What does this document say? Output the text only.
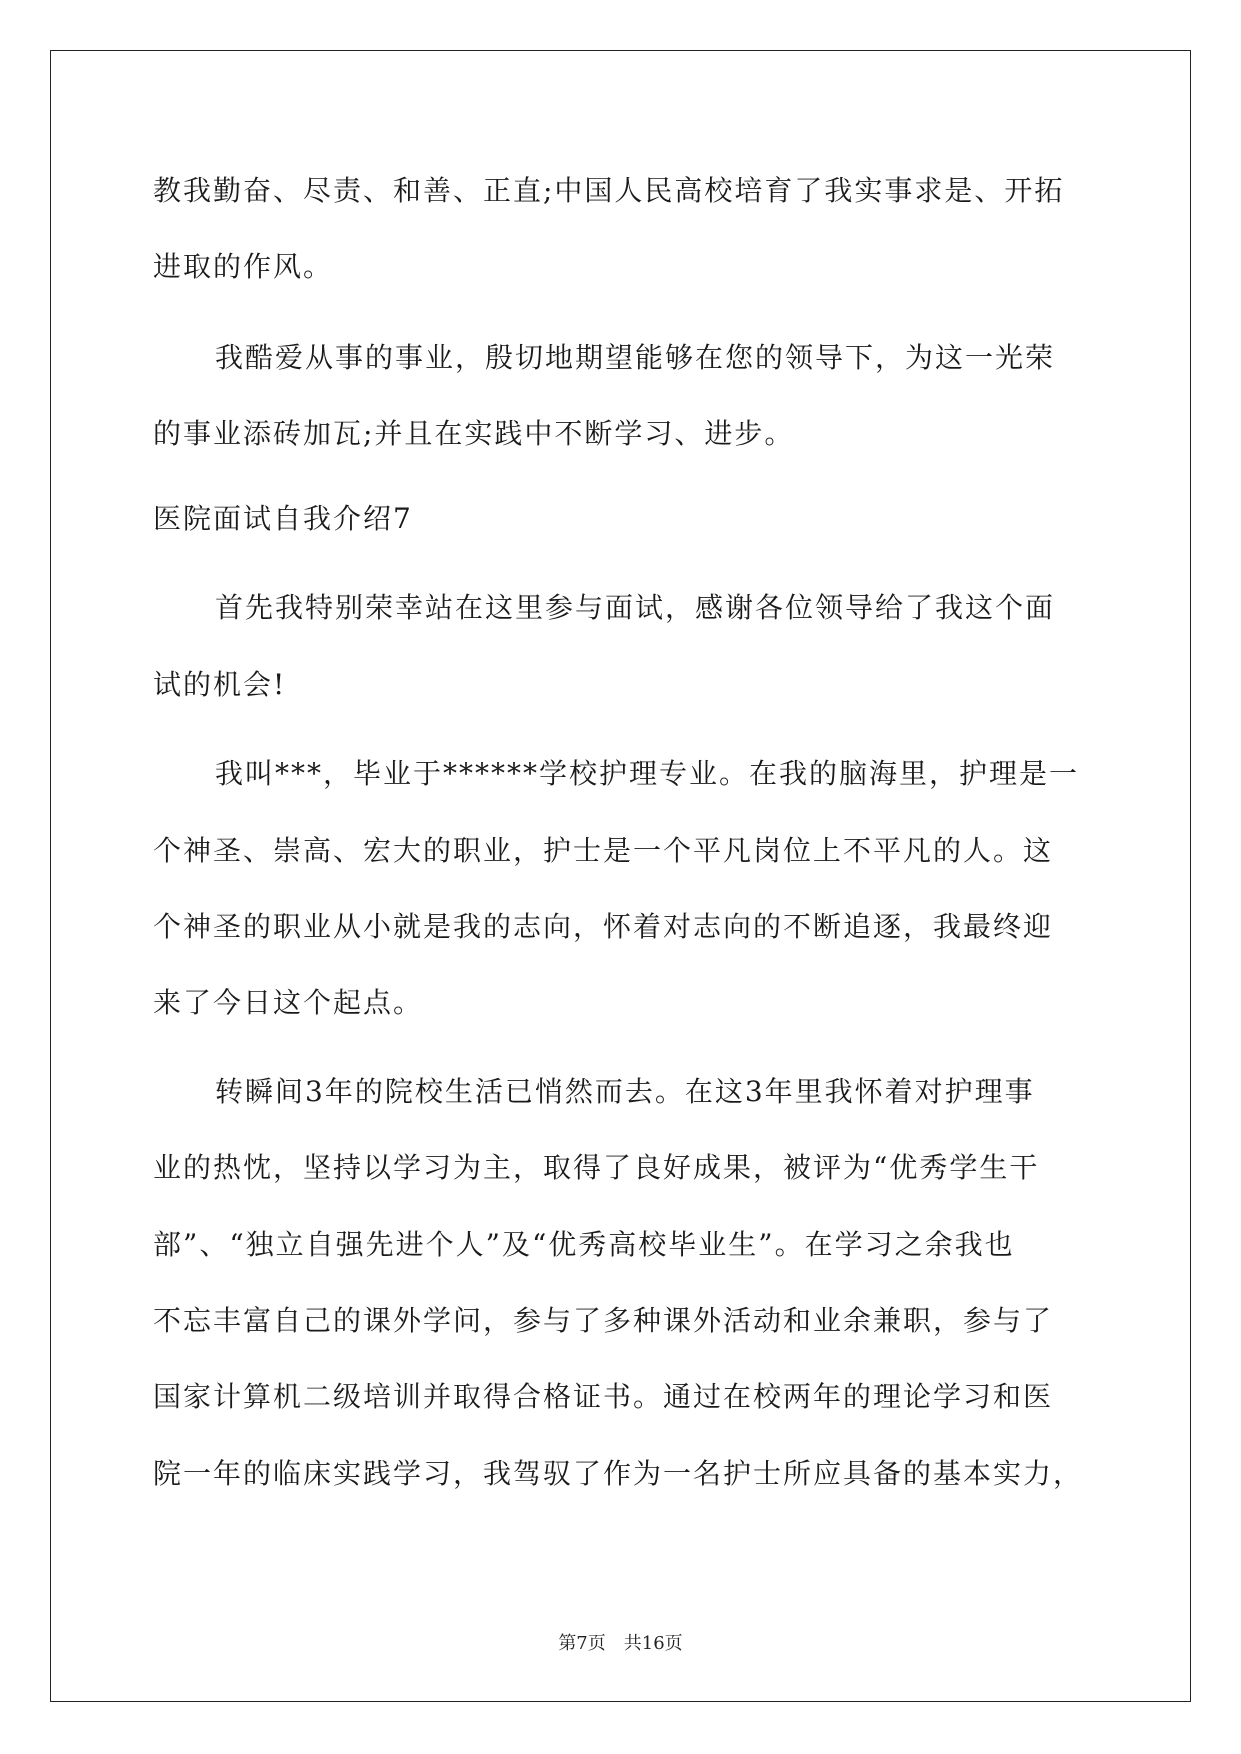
教我勤奋、尽责、和善、正直;中国人民高校培育了我实事求是、开拓
进取的作风。
我酷爱从事的事业，殷切地期望能够在您的领导下，为这一光荣
的事业添砖加瓦;并且在实践中不断学习、进步。
医院面试自我介绍7
首先我特别荣幸站在这里参与面试，感谢各位领导给了我这个面
试的机会!
我叫***，毕业于******学校护理专业。在我的脑海里，护理是一
个神圣、崇高、宏大的职业，护士是一个平凡岗位上不平凡的人。这
个神圣的职业从小就是我的志向，怀着对志向的不断追逐，我最终迎
来了今日这个起点。
转瞬间3年的院校生活已悄然而去。在这3年里我怀着对护理事
业的热忱，坚持以学习为主，取得了良好成果，被评为“优秀学生干
部”、“独立自强先进个人”及“优秀高校毕业生”。在学习之余我也
不忘丰富自己的课外学问，参与了多种课外活动和业余兼职，参与了
国家计算机二级培训并取得合格证书。通过在校两年的理论学习和医
院一年的临床实践学习，我驾驭了作为一名护士所应具备的基本实力，
第7页 共16页
